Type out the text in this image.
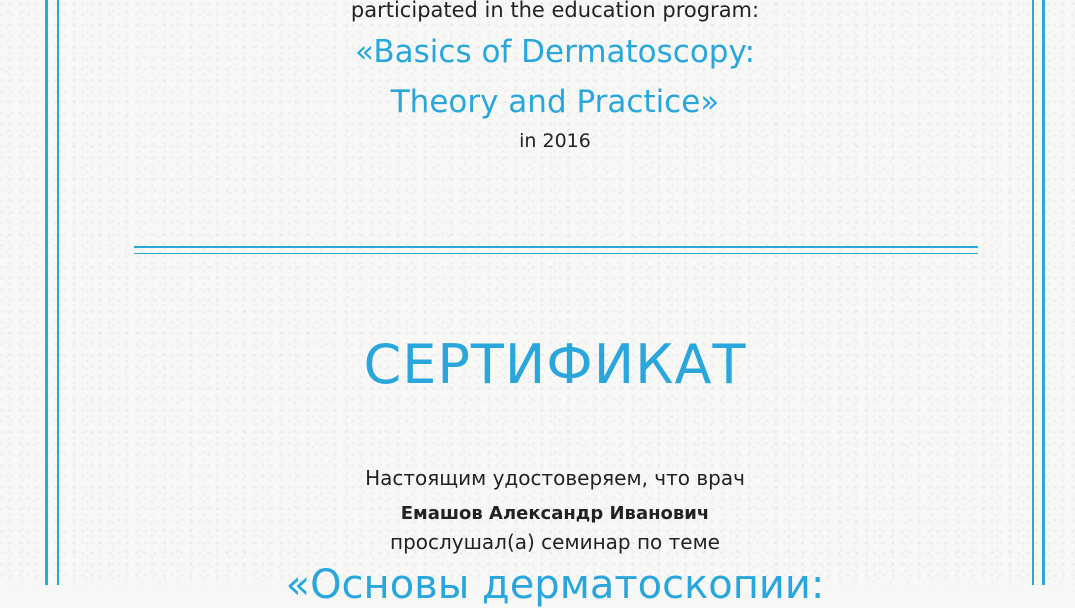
participated in the education program:
«Basics of Dermatoscopy:
Theory and Practice»
in 2016
СЕРТИФИКАТ
Настоящим удостоверяем, что врач
Емашов Александр Иванович
прослушал(а) семинар по теме
«Основы дерматоскопии:
